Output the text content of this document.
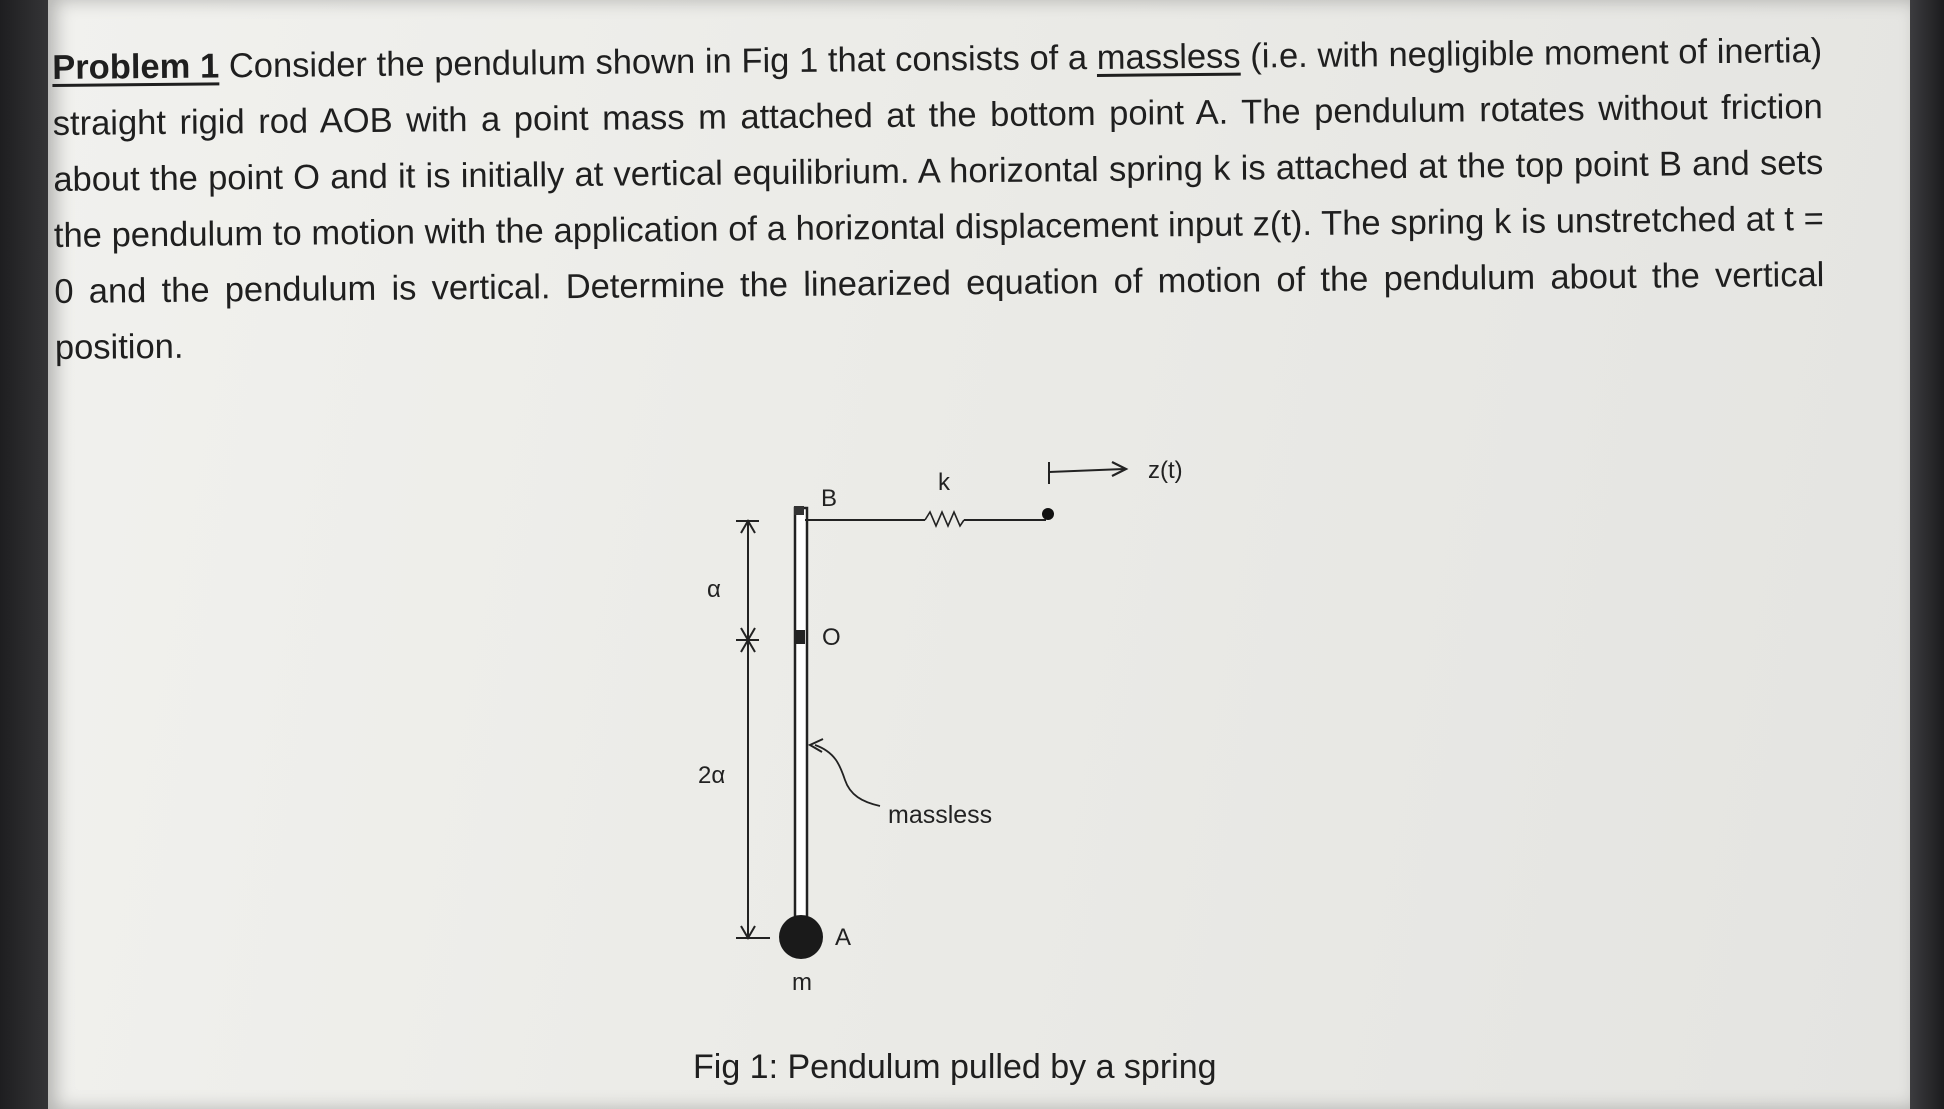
Problem 1 Consider the pendulum shown in Fig 1 that consists of a massless (i.e. with negligible moment of inertia) straight rigid rod AOB with a point mass m attached at the bottom point A. The pendulum rotates without friction about the point O and it is initially at vertical equilibrium. A horizontal spring k is attached at the top point B and sets the pendulum to motion with the application of a horizontal displacement input z(t). The spring k is unstretched at t = 0 and the pendulum is vertical. Determine the linearized equation of motion of the pendulum about the vertical position.
B
O
A
m
k	z(t)
α
2α
massless
Fig 1: Pendulum pulled by a spring
